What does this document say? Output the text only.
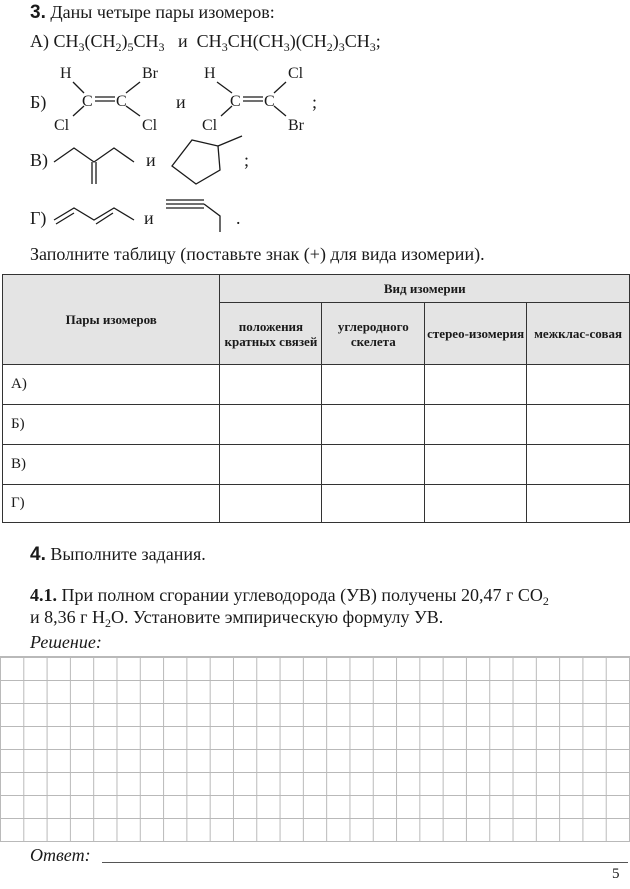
3. Даны четыре пары изомеров:
А) $CH_3(CH_2)_5CH_3$ и $CH_3CH(CH_3)(CH_2)_3CH_3$;
Б)
H	Br
C C
Cl	Cl
и
H	Cl
C C
Cl	Br
;
В)	и	;
Г)	и	.
Заполните таблицу (поставьте знак (+) для вида изомерии).
Пары изомеров	Вид изомерии			
	положения кратных связей	углеродного скелета	стерео-изомерия	межклас-совая
А)				
Б)				
В)				
Г)				
4. Выполните задания.
4.1. При полном сгорании углеводорода (УВ) получены 20,47 г $CO_2$
и 8,36 г $H_2O$. Установите эмпирическую формулу УВ.
Решение:
Ответ:
5
